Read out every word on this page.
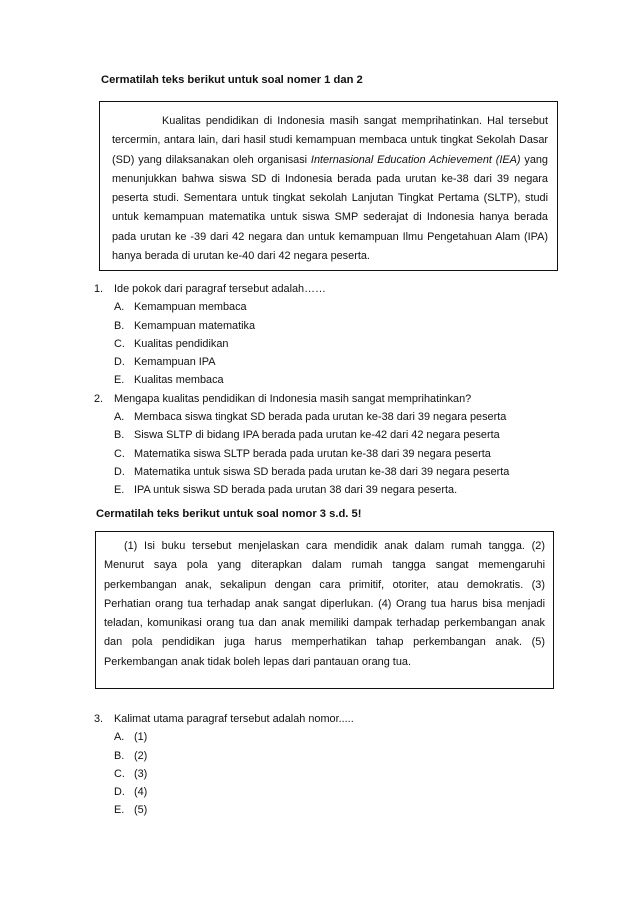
Cermatilah teks berikut untuk soal nomer 1 dan 2

Kualitas pendidikan di Indonesia masih sangat memprihatinkan. Hal tersebut tercermin, antara lain, dari hasil studi kemampuan membaca untuk tingkat Sekolah Dasar (SD) yang dilaksanakan oleh organisasi Internasional Education Achievement (IEA) yang menunjukkan bahwa siswa SD di Indonesia berada pada urutan ke-38 dari 39 negara peserta studi. Sementara untuk tingkat sekolah Lanjutan Tingkat Pertama (SLTP), studi untuk kemampuan matematika untuk siswa SMP sederajat di Indonesia hanya berada pada urutan ke -39 dari 42 negara dan untuk kemampuan Ilmu Pengetahuan Alam (IPA) hanya berada di urutan ke-40 dari 42 negara peserta.

1.	Ide pokok dari paragraf tersebut adalah……
A. Kemampuan membaca
B. Kemampuan matematika
C. Kualitas pendidikan
D. Kemampuan IPA
E. Kualitas membaca
2.	Mengapa kualitas pendidikan di Indonesia masih sangat memprihatinkan?
A. Membaca siswa tingkat SD berada pada urutan ke-38 dari 39 negara peserta
B. Siswa SLTP di bidang IPA berada pada urutan ke-42 dari 42 negara peserta
C. Matematika siswa SLTP berada pada urutan ke-38 dari 39 negara peserta
D. Matematika untuk siswa SD berada pada urutan ke-38 dari 39 negara peserta
E. IPA untuk siswa SD berada pada urutan 38 dari 39 negara peserta.
Cermatilah teks berikut untuk soal nomor 3 s.d. 5!

(1) Isi buku tersebut menjelaskan cara mendidik anak dalam rumah tangga. (2) Menurut saya pola yang diterapkan dalam rumah tangga sangat memengaruhi perkembangan anak, sekalipun dengan cara primitif, otoriter, atau demokratis. (3) Perhatian orang tua terhadap anak sangat diperlukan. (4) Orang tua harus bisa menjadi teladan, komunikasi orang tua dan anak memiliki dampak terhadap perkembangan anak dan pola pendidikan juga harus memperhatikan tahap perkembangan anak. (5) Perkembangan anak tidak boleh lepas dari pantauan orang tua.

3.	Kalimat utama paragraf tersebut adalah nomor.....
A. (1)
B. (2)
C. (3)
D. (4)
E. (5)
